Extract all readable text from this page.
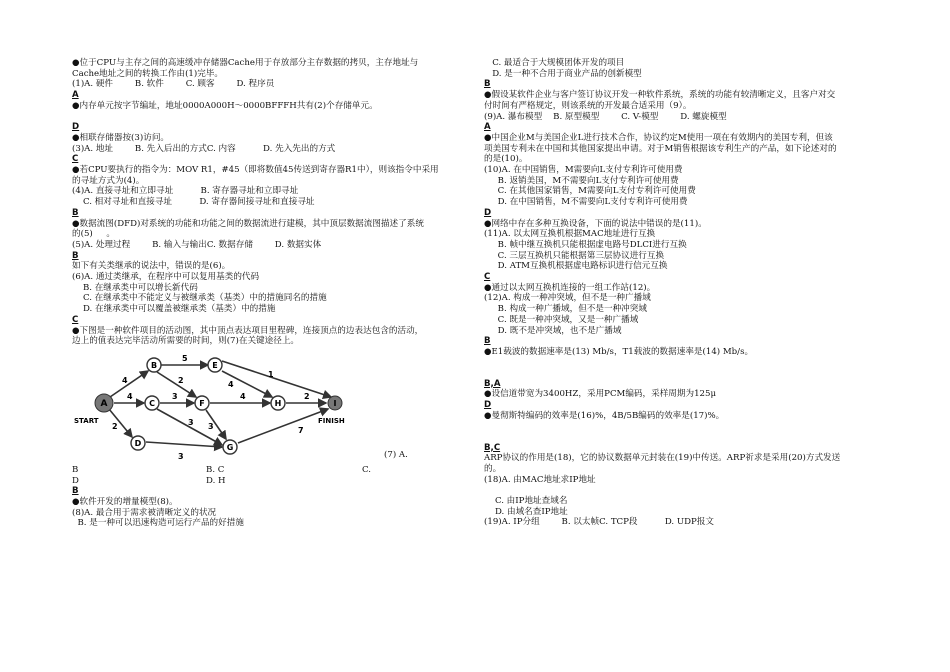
●位于CPU与主存之间的高速缓冲存储器Cache用于存放部分主存数据的拷贝，主存地址与

Cache地址之间的转换工作由(1)完毕。

(1)A. 硬件        B. 软件        C. 顾客        D. 程序员

A

●内存单元按字节编址，地址0000A000H～0000BFFFH共有(2)个存储单元。

D

●相联存储器按(3)访问。

(3)A. 地址        B. 先入后出的方式C. 内容          D. 先入先出的方式

C

●若CPU要执行的指令为：MOV R1，#45（即将数值45传送到寄存器R1中），则该指令中采用

的寻址方式为(4)。

(4)A. 直接寻址和立即寻址          B. 寄存器寻址和立即寻址

C. 相对寻址和直接寻址          D. 寄存器间接寻址和直接寻址

B

●数据流图(DFD)对系统的功能和功能之间的数据流进行建模，其中顶层数据流图描述了系统

的(5)     。

(5)A. 处理过程        B. 输入与输出C. 数据存储        D. 数据实体

B

如下有关类继承的说法中，错误的是(6)。

(6)A. 通过类继承，在程序中可以复用基类的代码

B. 在继承类中可以增长新代码

C. 在继承类中不能定义与被继承类（基类）中的措施同名的措施

D. 在继承类中可以覆盖被继承类（基类）中的措施

C

●下图是一种软件项目的活动图，其中顶点表达项目里程碑，连接顶点的边表达包含的活动，

边上的值表达完毕活动所需要的时间，则(7)在关键途径上。

A
B
C
D
E
F
G
H	I
4
4
2
5
3
2
3
4
4
3
1
2
7
3
START	FINISH
(7) A.
B	B. C	C.
D	D. H

B

●软件开发的增量模型(8)。

(8)A. 最合用于需求被清晰定义的状况

B. 是一种可以迅速构造可运行产品的好措施

C. 最适合于大规模团体开发的项目

D. 是一种不合用于商业产品的创新模型

B

●假设某软件企业与客户签订协议开发一种软件系统，系统的功能有较清晰定义，且客户对交

付时间有严格规定，则该系统的开发最合适采用（9）。

(9)A. 瀑布模型    B. 原型模型        C. V-模型        D. 螺旋模型

A

●中国企业M与美国企业L进行技术合作，协议约定M使用一项在有效期内的美国专利，但该

项美国专利未在中国和其他国家提出申请。对于M销售根据该专利生产的产品，如下论述对的

的是(10)。

(10)A. 在中国销售，M需要向L支付专利许可使用费

B. 返销美国，M不需要向L支付专利许可使用费

C. 在其他国家销售，M需要向L支付专利许可使用费

D. 在中国销售，M不需要向L支付专利许可使用费

D

●网络中存在多种互换设备，下面的说法中错误的是(11)。

(11)A. 以太网互换机根据MAC地址进行互换

B. 帧中继互换机只能根据虚电路号DLCI进行互换

C. 三层互换机只能根据第三层协议进行互换

D. ATM互换机根据虚电路标识进行信元互换

C

●通过以太网互换机连接的一组工作站(12)。

(12)A. 构成一种冲突域，但不是一种广播域

B. 构成一种广播域，但不是一种冲突域

C. 既是一种冲突域，又是一种广播域

D. 既不是冲突域，也不是广播域

B

●E1载波的数据速率是(13) Mb/s，T1载波的数据速率是(14) Mb/s。

B,A

●设信道带宽为3400HZ，采用PCM编码，采样周期为125μ

D

●曼彻斯特编码的效率是(16)%，4B/5B编码的效率是(17)%。

B,C

ARP协议的作用是(18)，它的协议数据单元封装在(19)中传送。ARP祈求是采用(20)方式发送

的。

(18)A. 由MAC地址求IP地址

C. 由IP地址查域名

D. 由域名查IP地址

(19)A. IP分组        B. 以太帧C. TCP段          D. UDP报文
